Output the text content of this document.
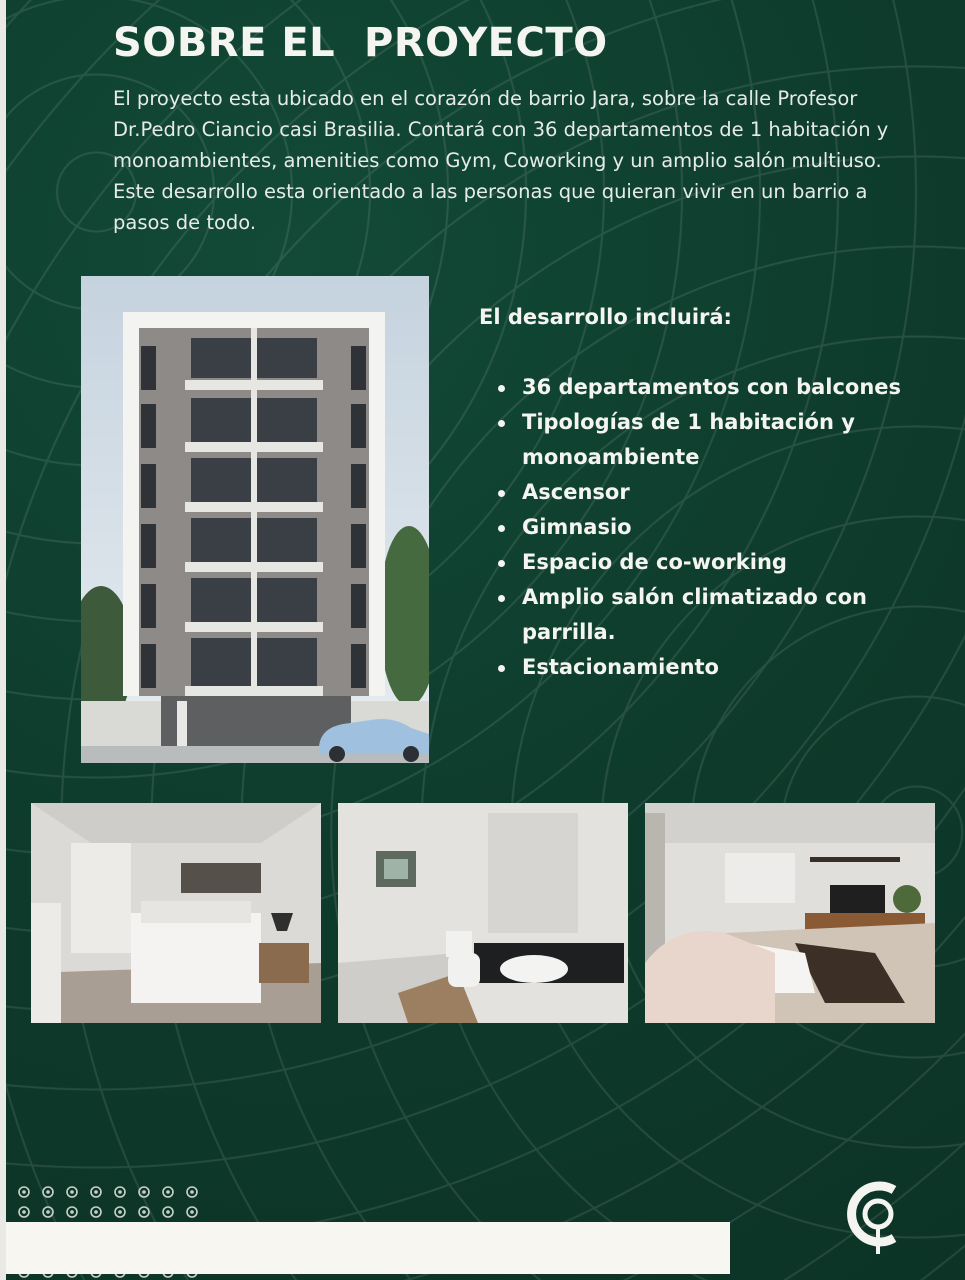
SOBRE EL  PROYECTO

El proyecto esta ubicado en el corazón de barrio Jara, sobre la calle Profesor Dr.Pedro Ciancio casi Brasilia. Contará con 36 departamentos de 1 habitación y monoambientes, amenities como Gym, Coworking y un amplio salón multiuso. Este desarrollo esta orientado a las personas que quieran vivir en un barrio a pasos de todo.

El desarrollo incluirá:
36 departamentos con balcones
Tipologías de 1 habitación y monoambiente
Ascensor
Gimnasio
Espacio de co-working
Amplio salón climatizado con parrilla.
Estacionamiento
